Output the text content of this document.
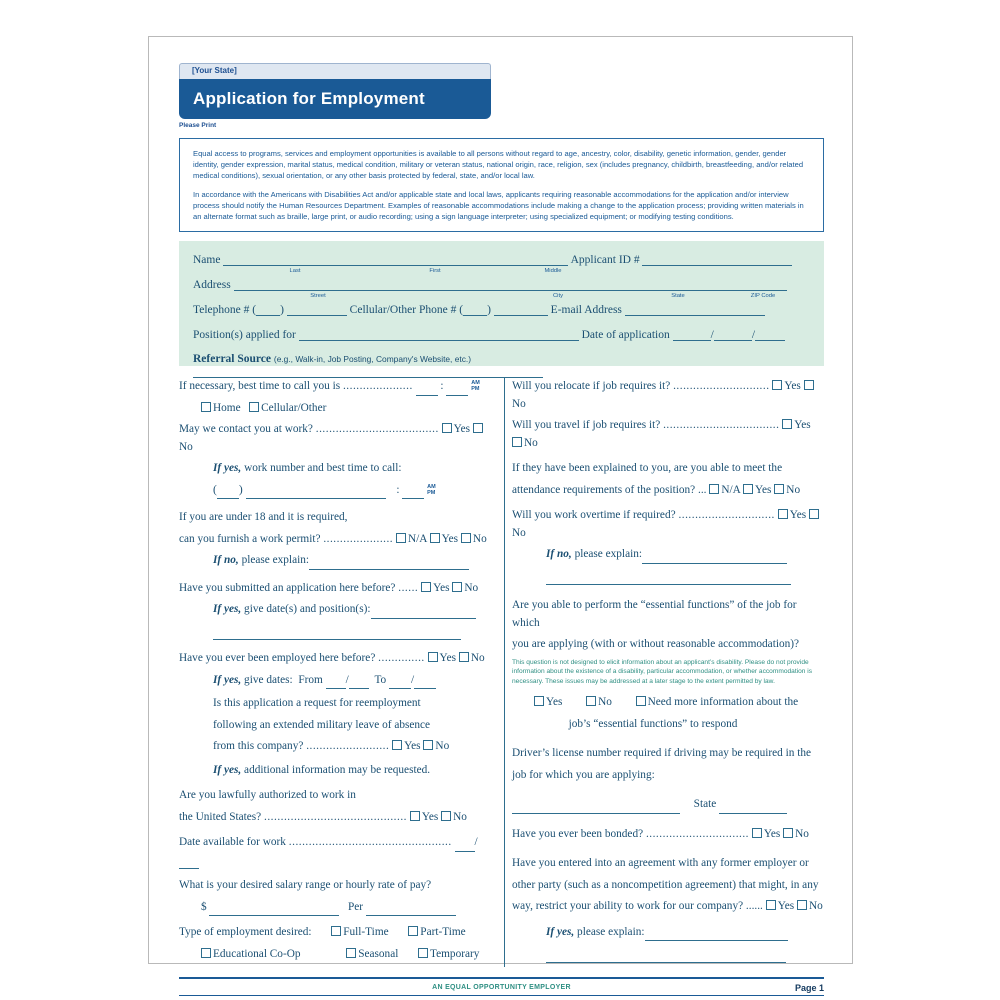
[Your State]
Application for Employment
Please Print

Equal access to programs, services and employment opportunities is available to all persons without regard to age, ancestry, color, disability, genetic information, gender, gender identity, gender expression, marital status, medical condition, military or veteran status, national origin, race, religion, sex (includes pregnancy, childbirth, breastfeeding, and/or related medical conditions), sexual orientation, or any other basis protected by federal, state, and/or local law.

In accordance with the Americans with Disabilities Act and/or applicable state and local laws, applicants requiring reasonable accommodations for the application and/or interview process should notify the Human Resources Department. Examples of reasonable accommodations include making a change to the application process; providing written materials in an alternate format such as braille, large print, or audio recording; using a sign language interpreter; using specialized equipment; or modifying testing conditions.

Name	Applicant ID #
Last	First	Middle
Address
Street	City	State	ZIP Code
Telephone # ( )	Cellular/Other Phone # ( )	E-mail Address
Position(s) applied for	Date of application	/	/
Referral Source (e.g., Walk-in, Job Posting, Company's Website, etc.)

If necessary, best time to call you is .....................  :	AM
PM

Home Cellular/Other

May we contact you at work? ..................................... Yes No

If yes, work number and best time to call:

( )	:	AM
PM

If you are under 18 and it is required,

can you furnish a work permit? ..................... N/A Yes No

If no, please explain:

Have you submitted an application here before? ...... Yes No

If yes, give date(s) and position(s):

Have you ever been employed here before? .............. Yes No

If yes, give dates:  From / To /

Is this application a request for reemployment

following an extended military leave of absence

from this company? ......................... Yes No

If yes, additional information may be requested.

Are you lawfully authorized to work in

the United States? ........................................... Yes No

Date available for work ................................................. /

What is your desired salary range or hourly rate of pay?

$	Per

Type of employment desired:	Full-Time	Part-Time

Educational Co-Op	Seasonal	Temporary

Will you relocate if job requires it? ............................. Yes No

Will you travel if job requires it? ................................... Yes No

If they have been explained to you, are you able to meet the

attendance requirements of the position? ... N/A Yes No

Will you work overtime if required? ............................. Yes No

If no, please explain:

Are you able to perform the “essential functions” of the job for which

you are applying (with or without reasonable accommodation)?

This question is not designed to elicit information about an applicant’s disability. Please do not provide information about the existence of a disability, particular accommodation, or whether accommodation is necessary. These issues may be addressed at a later stage to the extent permitted by law.

Yes	No	Need more information about the

job’s “essential functions” to respond

Driver’s license number required if driving may be required in the

job for which you are applying:

State

Have you ever been bonded? ............................... Yes No

Have you entered into an agreement with any former employer or

other party (such as a noncompetition agreement) that might, in any

way, restrict your ability to work for our company? ...... Yes No

If yes, please explain:

AN EQUAL OPPORTUNITY EMPLOYER	Page 1
